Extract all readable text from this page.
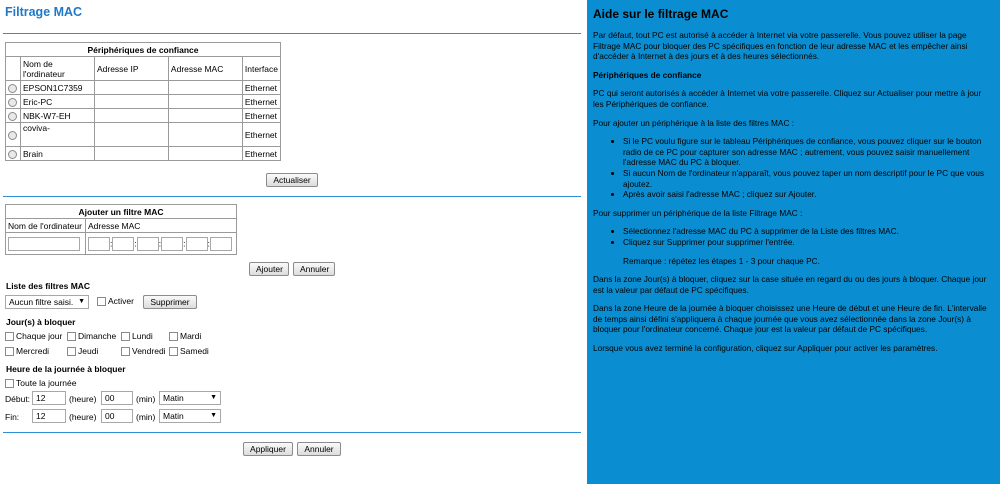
Filtrage MAC
Périphériques de confiance				
	Nom de l'ordinateur	Adresse IP	Adresse MAC	Interface
	EPSON1C7359			Ethernet
	Eric-PC			Ethernet
	NBK-W7-EH			Ethernet
	coviva-			Ethernet
	Brain			Ethernet
Actualiser
Ajouter un filtre MAC	
Nom de l'ordinateur	Adresse MAC
	: : : : :
Ajouter	Annuler
Liste des filtres MAC
Aucun filtre saisi. ▼	Activer	Supprimer
Jour(s) à bloquer
Chaque jour	Dimanche	Lundi	Mardi
Mercredi	Jeudi	Vendredi	Samedi
Heure de la journée à bloquer
Toute la journée
Début: 12	(heure)	00	(min) Matin	▼
Fin:	12	(heure)	00	(min) Matin	▼
Appliquer	Annuler
Aide sur le filtrage MAC

Par défaut, tout PC est autorisé à accéder à Internet via votre passerelle. Vous pouvez utiliser la page Filtrage MAC pour bloquer des PC spécifiques en fonction de leur adresse MAC et les empêcher ainsi d'accéder à Internet à des jours et à des heures sélectionnés.

Périphériques de confiance

PC qui seront autorisés à accéder à Internet via votre passerelle. Cliquez sur Actualiser pour mettre à jour les Périphériques de confiance.

Pour ajouter un périphérique à la liste des filtres MAC :

• Si le PC voulu figure sur le tableau Périphériques de confiance, vous pouvez cliquer sur le bouton radio de ce PC pour capturer son adresse MAC ; autrement, vous pouvez saisir manuellement l'adresse MAC du PC à bloquer.
• Si aucun Nom de l'ordinateur n'apparaît, vous pouvez taper un nom descriptif pour le PC que vous ajoutez.
• Après avoir saisi l'adresse MAC ; cliquez sur Ajouter.

Pour supprimer un périphérique de la liste Filtrage MAC :

• Sélectionnez l'adresse MAC du PC à supprimer de la Liste des filtres MAC.
• Cliquez sur Supprimer pour supprimer l'entrée.

Remarque : répétez les étapes 1 - 3 pour chaque PC.

Dans la zone Jour(s) à bloquer, cliquez sur la case située en regard du ou des jours à bloquer. Chaque jour est la valeur par défaut de PC spécifiques.

Dans la zone Heure de la journée à bloquer choisissez une Heure de début et une Heure de fin. L'intervalle de temps ainsi défini s'appliquera à chaque journée que vous avez sélectionnée dans la zone Jour(s) à bloquer pour l'ordinateur concerné. Chaque jour est la valeur par défaut de PC spécifiques.

Lorsque vous avez terminé la configuration, cliquez sur Appliquer pour activer les paramètres.
